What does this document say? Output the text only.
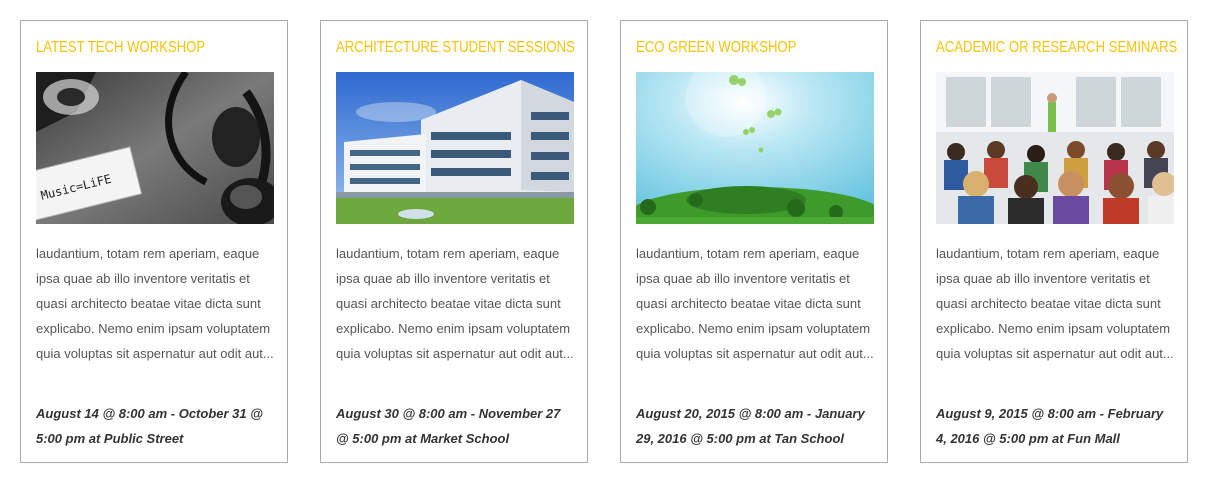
LATEST TECH WORKSHOP
Music=LiFE
laudantium, totam rem aperiam, eaque ipsa quae ab illo inventore veritatis et quasi architecto beatae vitae dicta sunt explicabo. Nemo enim ipsam voluptatem quia voluptas sit aspernatur aut odit aut...
August 14 @ 8:00 am - October 31 @ 5:00 pm at Public Street
ARCHITECTURE STUDENT SESSIONS
laudantium, totam rem aperiam, eaque ipsa quae ab illo inventore veritatis et quasi architecto beatae vitae dicta sunt explicabo. Nemo enim ipsam voluptatem quia voluptas sit aspernatur aut odit aut...
August 30 @ 8:00 am - November 27 @ 5:00 pm at Market School
ECO GREEN WORKSHOP
laudantium, totam rem aperiam, eaque ipsa quae ab illo inventore veritatis et quasi architecto beatae vitae dicta sunt explicabo. Nemo enim ipsam voluptatem quia voluptas sit aspernatur aut odit aut...
August 20, 2015 @ 8:00 am - January 29, 2016 @ 5:00 pm at Tan School
ACADEMIC OR RESEARCH SEMINARS
laudantium, totam rem aperiam, eaque ipsa quae ab illo inventore veritatis et quasi architecto beatae vitae dicta sunt explicabo. Nemo enim ipsam voluptatem quia voluptas sit aspernatur aut odit aut...
August 9, 2015 @ 8:00 am - February 4, 2016 @ 5:00 pm at Fun Mall
